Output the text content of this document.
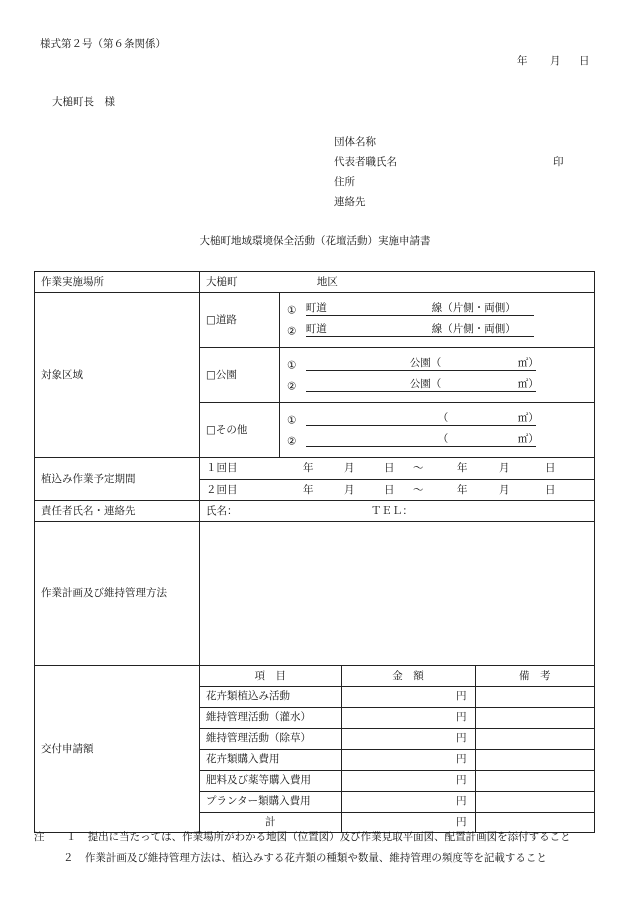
様式第２号（第６条関係）
年 月 日
大槌町長　様
団体名称
代表者職氏名	印
住所
連絡先
大槌町地域環境保全活動（花壇活動）実施申請書
作業実施場所	大槌町	地区
対象区域	□道路	
① 町道	線（片側・両側）
② 町道	線（片側・両側）

□公園	
①	公園（	㎡）
②	公園（	㎡）

□その他	
①	（	㎡）
②	（	㎡）

植込み作業予定期間	
１回目	年	月	日	～	年	月	日
２回目	年	月	日	～	年	月	日

責任者氏名・連絡先	氏名：	ＴＥＬ：
作業計画及び維持管理方法	
交付申請額	
項　目	金　額	備　考
花卉類植込み活動	円	
維持管理活動（灌水）	円	
維持管理活動（除草）	円	
花卉類購入費用	円	
肥料及び薬等購入費用	円	
プランター類購入費用	円	
計	円	
注 １ 提出に当たっては、作業場所がわかる地図（位置図）及び作業見取平面図、配置計画図を添付すること
２ 作業計画及び維持管理方法は、植込みする花卉類の種類や数量、維持管理の頻度等を記載すること
